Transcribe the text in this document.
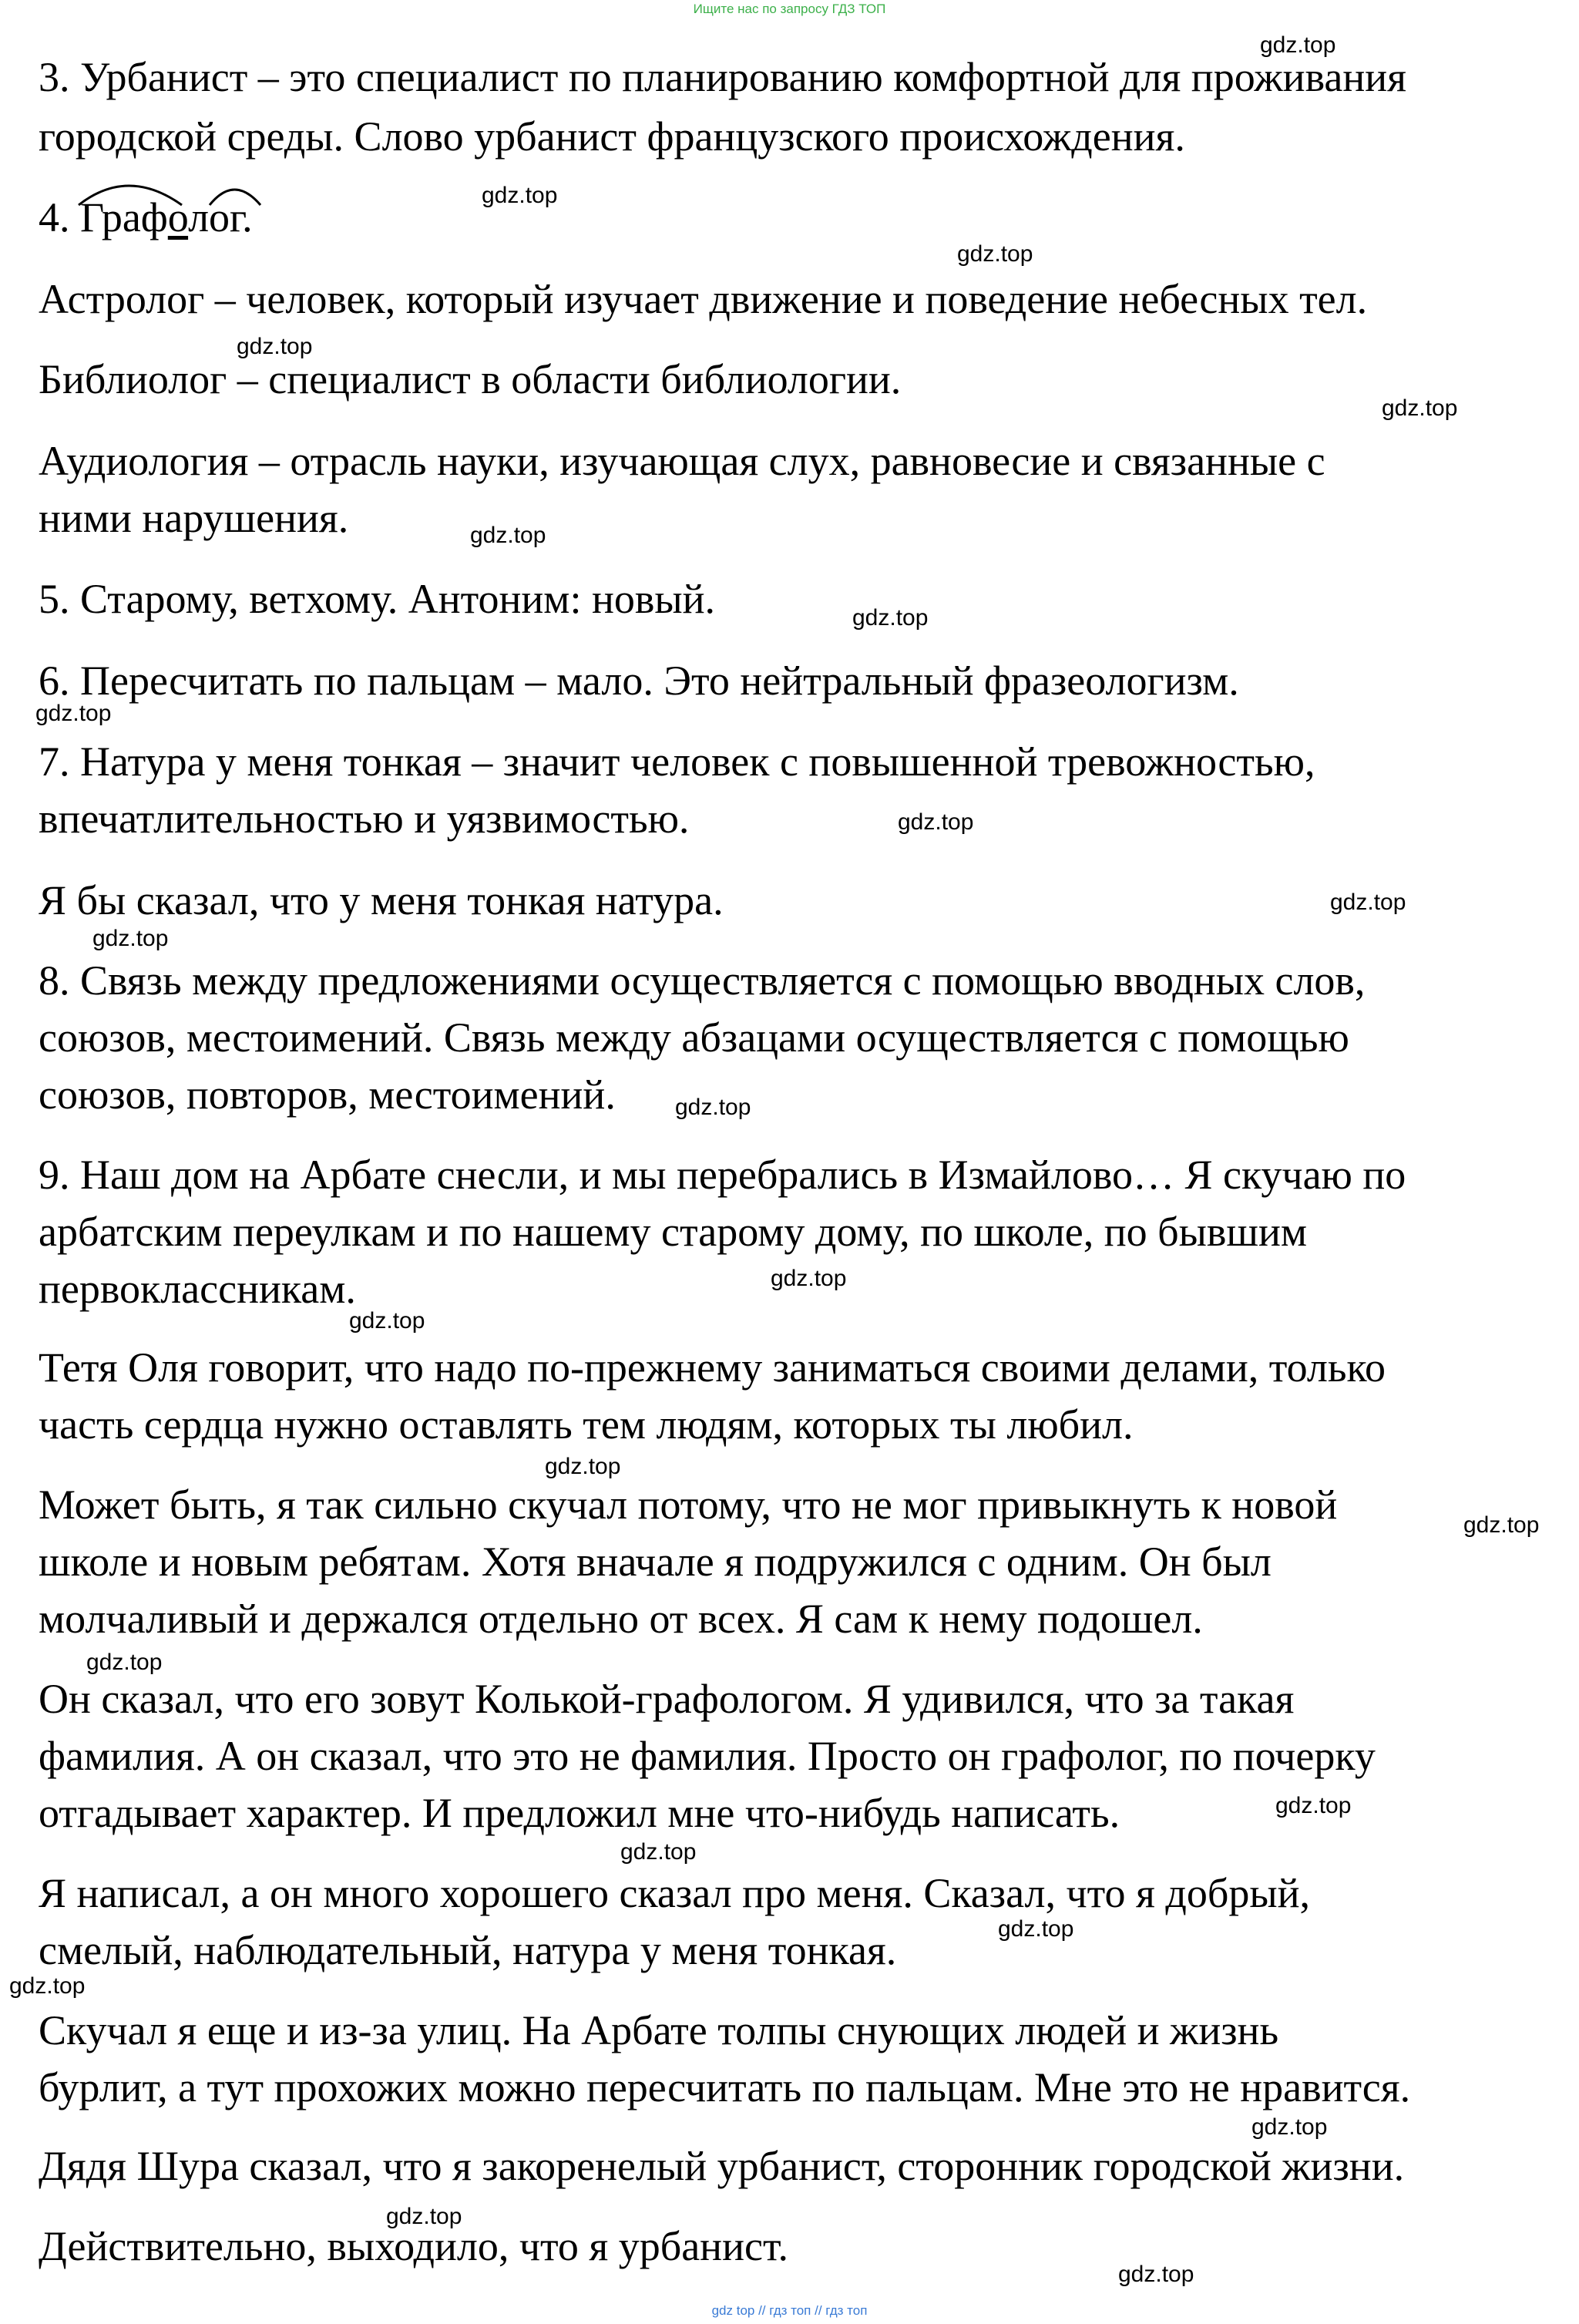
Ищите нас по запросу ГДЗ ТОП
3. Урбанист – это специалист по планированию комфортной для проживания
городской среды. Слово урбанист французского происхождения.
4. Графолог.
Астролог – человек, который изучает движение и поведение небесных тел.
Библиолог – специалист в области библиологии.
Аудиология – отрасль науки, изучающая слух, равновесие и связанные с
ними нарушения.
5. Старому, ветхому. Антоним: новый.
6. Пересчитать по пальцам – мало. Это нейтральный фразеологизм.
7. Натура у меня тонкая – значит человек с повышенной тревожностью,
впечатлительностью и уязвимостью.
Я бы сказал, что у меня тонкая натура.
8. Связь между предложениями осуществляется с помощью вводных слов,
союзов, местоимений. Связь между абзацами осуществляется с помощью
союзов, повторов, местоимений.
9. Наш дом на Арбате снесли, и мы перебрались в Измайлово… Я скучаю по
арбатским переулкам и по нашему старому дому, по школе, по бывшим
первоклассникам.
Тетя Оля говорит, что надо по-прежнему заниматься своими делами, только
часть сердца нужно оставлять тем людям, которых ты любил.
Может быть, я так сильно скучал потому, что не мог привыкнуть к новой
школе и новым ребятам. Хотя вначале я подружился с одним. Он был
молчаливый и держался отдельно от всех. Я сам к нему подошел.
Он сказал, что его зовут Колькой-графологом. Я удивился, что за такая
фамилия. А он сказал, что это не фамилия. Просто он графолог, по почерку
отгадывает характер. И предложил мне что-нибудь написать.
Я написал, а он много хорошего сказал про меня. Сказал, что я добрый,
смелый, наблюдательный, натура у меня тонкая.
Скучал я еще и из-за улиц. На Арбате толпы снующих людей и жизнь
бурлит, а тут прохожих можно пересчитать по пальцам. Мне это не нравится.
Дядя Шура сказал, что я закоренелый урбанист, сторонник городской жизни.
Действительно, выходило, что я урбанист.
gdz.top
gdz.top
gdz.top
gdz.top
gdz.top
gdz.top
gdz.top
gdz.top
gdz.top
gdz.top
gdz.top
gdz.top
gdz.top
gdz.top
gdz.top
gdz.top
gdz.top
gdz.top
gdz.top
gdz.top
gdz.top
gdz.top
gdz.top
gdz.top
gdz top // гдз топ // гдз топ
